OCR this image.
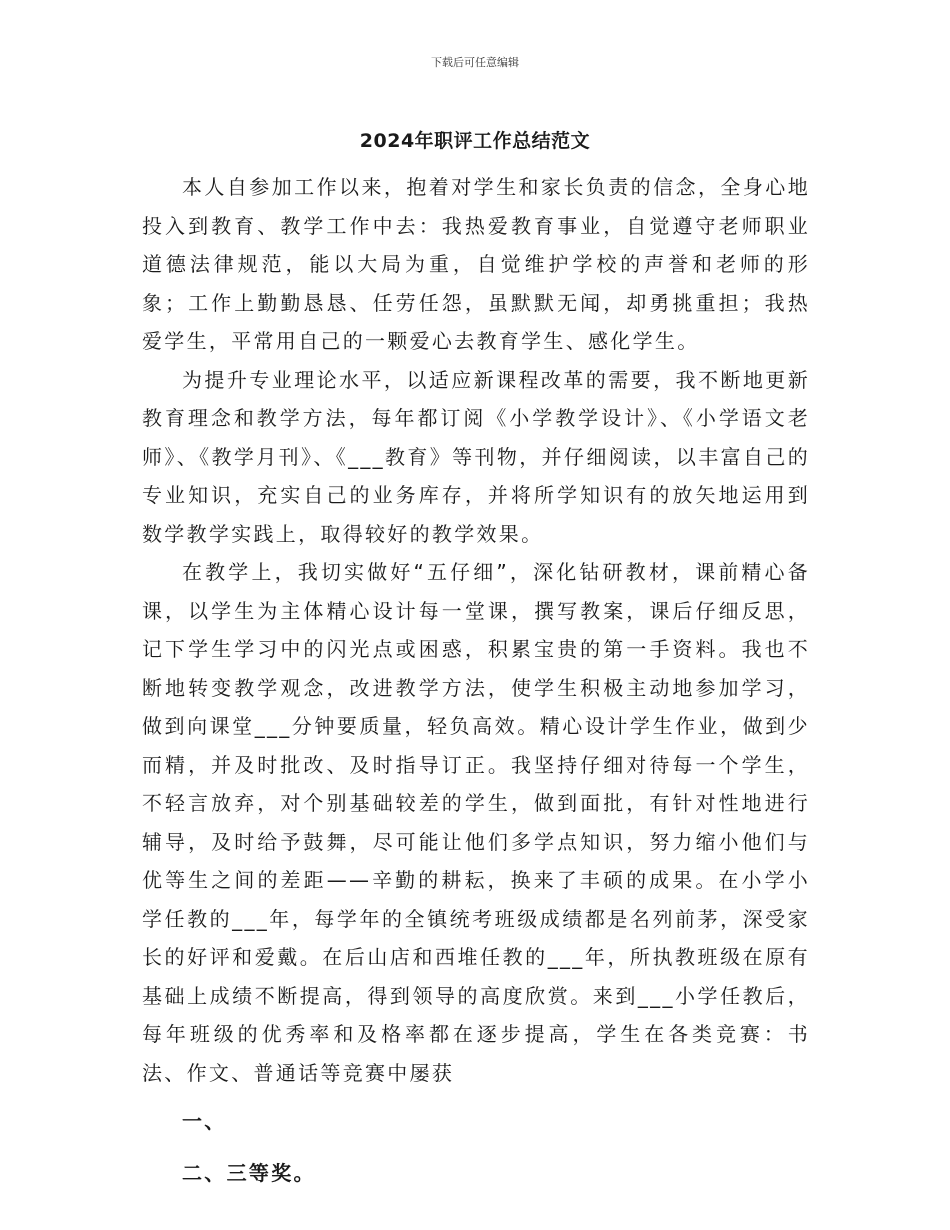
下载后可任意编辑
2024年职评工作总结范文

本人自参加工作以来，抱着对学生和家长负责的信念，全身心地投入到教育、教学工作中去：我热爱教育事业，自觉遵守老师职业道德法律规范，能以大局为重，自觉维护学校的声誉和老师的形象；工作上勤勤恳恳、任劳任怨，虽默默无闻，却勇挑重担；我热爱学生，平常用自己的一颗爱心去教育学生、感化学生。

为提升专业理论水平，以适应新课程改革的需要，我不断地更新教育理念和教学方法，每年都订阅《小学教学设计》、《小学语文老师》、《教学月刊》、《___教育》等刊物，并仔细阅读，以丰富自己的专业知识，充实自己的业务库存，并将所学知识有的放矢地运用到数学教学实践上，取得较好的教学效果。

在教学上，我切实做好“五仔细”，深化钻研教材，课前精心备课，以学生为主体精心设计每一堂课，撰写教案，课后仔细反思，记下学生学习中的闪光点或困惑，积累宝贵的第一手资料。我也不断地转变教学观念，改进教学方法，使学生积极主动地参加学习，做到向课堂___分钟要质量，轻负高效。精心设计学生作业，做到少而精，并及时批改、及时指导订正。我坚持仔细对待每一个学生，不轻言放弃，对个别基础较差的学生，做到面批，有针对性地进行辅导，及时给予鼓舞，尽可能让他们多学点知识，努力缩小他们与优等生之间的差距——辛勤的耕耘，换来了丰硕的成果。在小学小学任教的___年，每学年的全镇统考班级成绩都是名列前茅，深受家长的好评和爱戴。在后山店和西堆任教的___年，所执教班级在原有基础上成绩不断提高，得到领导的高度欣赏。来到___小学任教后，每年班级的优秀率和及格率都在逐步提高，学生在各类竞赛：书法、作文、普通话等竞赛中屡获

一、

二、三等奖。
